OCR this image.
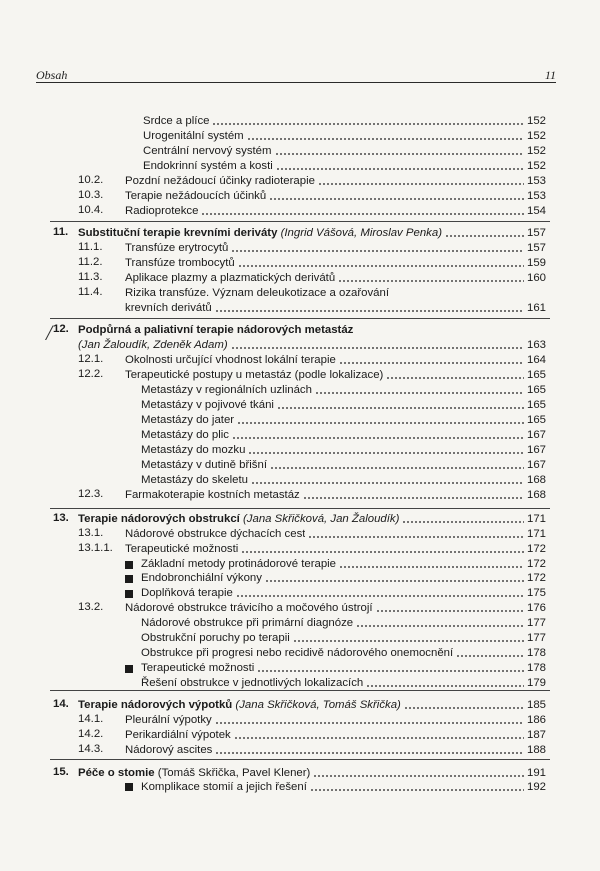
Obsah	11
/
Srdce a plíce	152
Urogenitální systém	152
Centrální nervový systém	152
Endokrinní systém a kosti	152
10.2. Pozdní nežádoucí účinky radioterapie	153
10.3. Terapie nežádoucích účinků	153
10.4. Radioprotekce	154
11. Substituční terapie krevními deriváty (Ingrid Vášová, Miroslav Penka)	157
11.1. Transfúze erytrocytů	157
11.2. Transfúze trombocytů	159
11.3. Aplikace plazmy a plazmatických derivátů	160
11.4. Rizika transfúze. Význam deleukotizace a ozařování
krevních derivátů	161
12. Podpůrná a paliativní terapie nádorových metastáz
(Jan Žaloudík, Zdeněk Adam)	163
12.1. Okolnosti určující vhodnost lokální terapie	164
12.2. Terapeutické postupy u metastáz (podle lokalizace)	165
Metastázy v regionálních uzlinách	165
Metastázy v pojivové tkáni	165
Metastázy do jater	165
Metastázy do plic	167
Metastázy do mozku	167
Metastázy v dutině břišní	167
Metastázy do skeletu	168
12.3. Farmakoterapie kostních metastáz	168
13. Terapie nádorových obstrukcí (Jana Skřičková, Jan Žaloudík)	171
13.1. Nádorové obstrukce dýchacích cest	171
13.1.1. Terapeutické možnosti	172
Základní metody protinádorové terapie	172
Endobronchiální výkony	172
Doplňková terapie	175
13.2. Nádorové obstrukce trávicího a močového ústrojí	176
Nádorové obstrukce při primární diagnóze	177
Obstrukční poruchy po terapii	177
Obstrukce při progresi nebo recidivě nádorového onemocnění	178
Terapeutické možnosti	178
Řešení obstrukce v jednotlivých lokalizacích	179
14. Terapie nádorových výpotků (Jana Skřičková, Tomáš Skřička)	185
14.1. Pleurální výpotky	186
14.2. Perikardiální výpotek	187
14.3. Nádorový ascites	188
15. Péče o stomie (Tomáš Skřička, Pavel Klener)	191
Komplikace stomií a jejich řešení	192
